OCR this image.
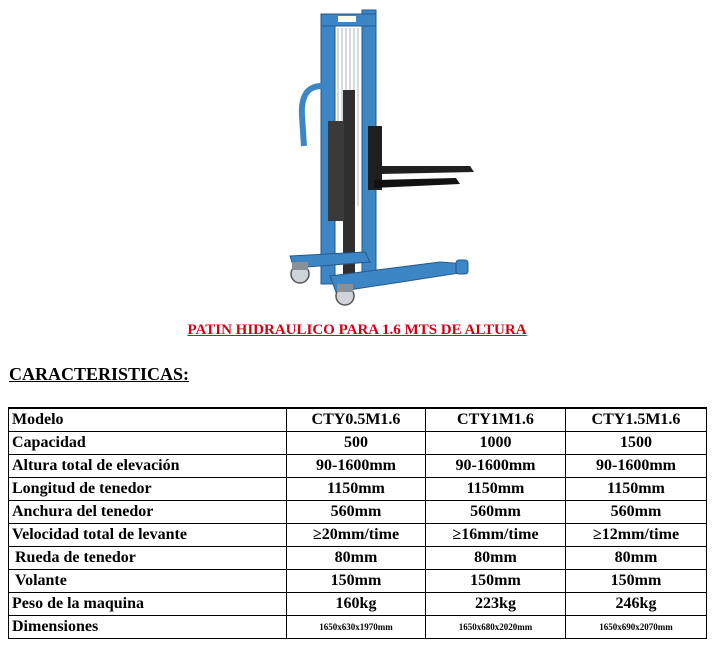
PATIN HIDRAULICO PARA 1.6 MTS DE ALTURA
CARACTERISTICAS:
Modelo	CTY0.5M1.6	CTY1M1.6	CTY1.5M1.6
Capacidad	500	1000	1500
Altura total de elevación	90-1600mm	90-1600mm	90-1600mm
Longitud de tenedor	1150mm	1150mm	1150mm
Anchura del tenedor	560mm	560mm	560mm
Velocidad total de levante	≥20mm/time	≥16mm/time	≥12mm/time
Rueda de tenedor	80mm	80mm	80mm
Volante	150mm	150mm	150mm
Peso de la maquina	160kg	223kg	246kg
Dimensiones	1650x630x1970mm	1650x680x2020mm	1650x690x2070mm
